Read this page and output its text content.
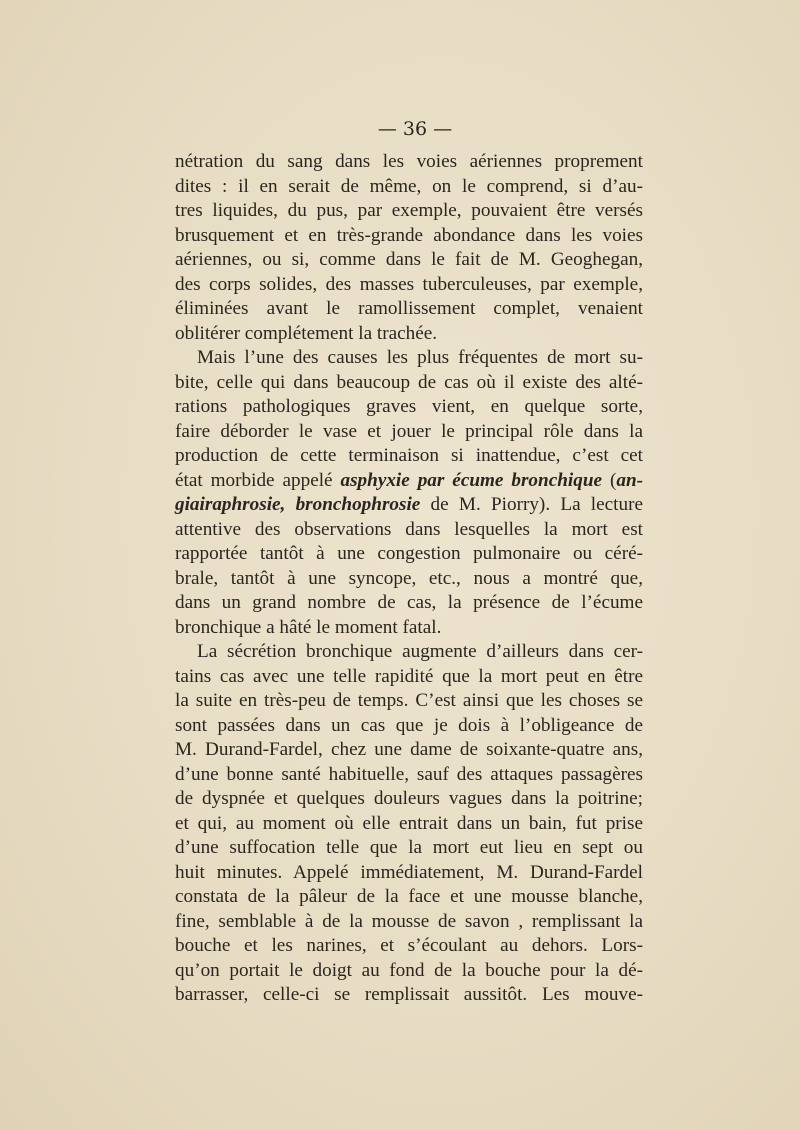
— 36 —
nétration du sang dans les voies aériennes proprement
dites : il en serait de même, on le comprend, si d’au-
tres liquides, du pus, par exemple, pouvaient être versés
brusquement et en très-grande abondance dans les voies
aériennes, ou si, comme dans le fait de M. Geoghegan,
des corps solides, des masses tuberculeuses, par exemple,
éliminées avant le ramollissement complet, venaient
oblitérer complétement la trachée.
Mais l’une des causes les plus fréquentes de mort su-
bite, celle qui dans beaucoup de cas où il existe des alté-
rations pathologiques graves vient, en quelque sorte,
faire déborder le vase et jouer le principal rôle dans la
production de cette terminaison si inattendue, c’est cet
état morbide appelé asphyxie par écume bronchique (an-
giairaphrosie, bronchophrosie de M. Piorry). La lecture
attentive des observations dans lesquelles la mort est
rapportée tantôt à une congestion pulmonaire ou céré-
brale, tantôt à une syncope, etc., nous a montré que,
dans un grand nombre de cas, la présence de l’écume
bronchique a hâté le moment fatal.
La sécrétion bronchique augmente d’ailleurs dans cer-
tains cas avec une telle rapidité que la mort peut en être
la suite en très-peu de temps. C’est ainsi que les choses se
sont passées dans un cas que je dois à l’obligeance de
M. Durand-Fardel, chez une dame de soixante-quatre ans,
d’une bonne santé habituelle, sauf des attaques passagères
de dyspnée et quelques douleurs vagues dans la poitrine;
et qui, au moment où elle entrait dans un bain, fut prise
d’une suffocation telle que la mort eut lieu en sept ou
huit minutes. Appelé immédiatement, M. Durand-Fardel
constata de la pâleur de la face et une mousse blanche,
fine, semblable à de la mousse de savon , remplissant la
bouche et les narines, et s’écoulant au dehors. Lors-
qu’on portait le doigt au fond de la bouche pour la dé-
barrasser, celle-ci se remplissait aussitôt. Les mouve-
